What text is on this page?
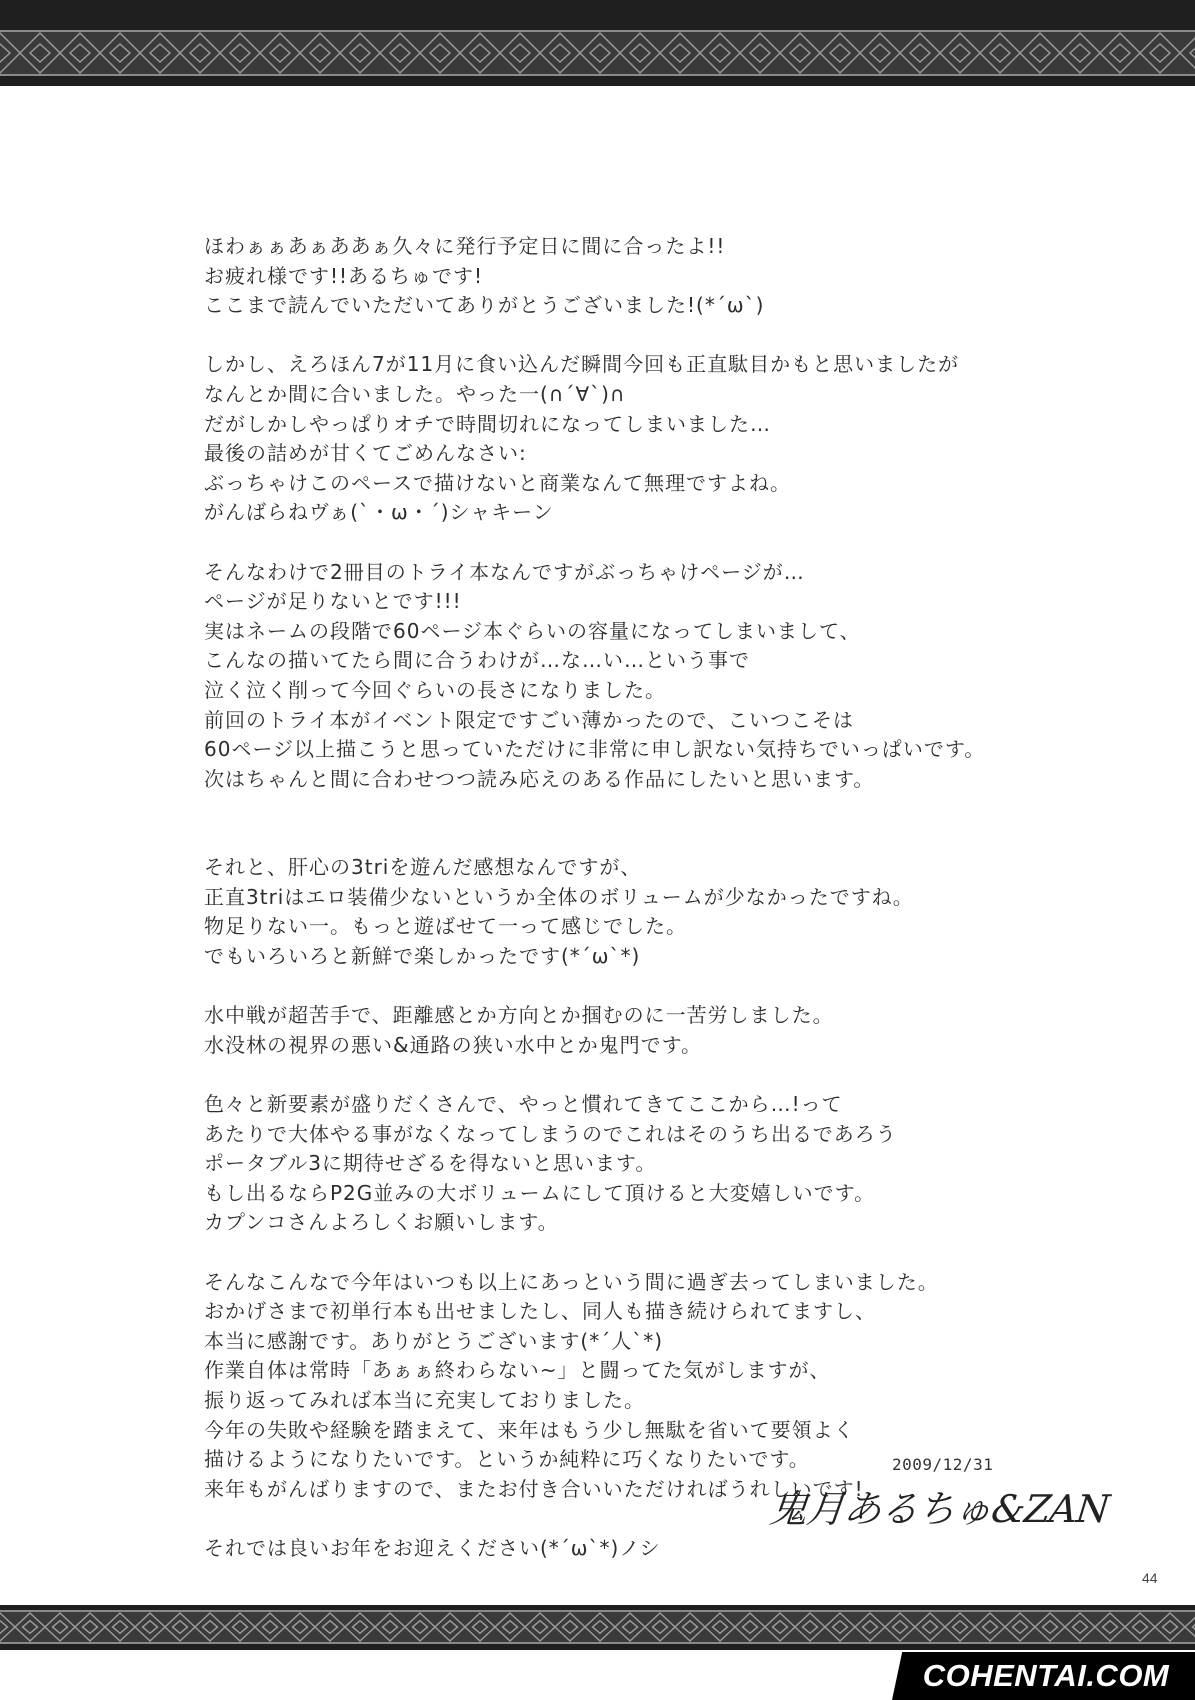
ほわぁぁあぁああぁ久々に発行予定日に間に合ったよ!!
お疲れ様です!!あるちゅです!
ここまで読んでいただいてありがとうございました!(*´ω`)
しかし、えろほん7が11月に食い込んだ瞬間今回も正直駄目かもと思いましたが
なんとか間に合いました。やった一(∩´∀`)∩
だがしかしやっぱりオチで時間切れになってしまいました…
最後の詰めが甘くてごめんなさい:
ぶっちゃけこのペースで描けないと商業なんて無理ですよね。
がんばらねヴぁ(`・ω・´)シャキーン
そんなわけで2冊目のトライ本なんですがぶっちゃけページが…
ページが足りないとです!!!
実はネームの段階で60ページ本ぐらいの容量になってしまいまして、
こんなの描いてたら間に合うわけが…な…い…という事で
泣く泣く削って今回ぐらいの長さになりました。
前回のトライ本がイベント限定ですごい薄かったので、こいつこそは
60ページ以上描こうと思っていただけに非常に申し訳ない気持ちでいっぱいです。
次はちゃんと間に合わせつつ読み応えのある作品にしたいと思います。
それと、肝心の3triを遊んだ感想なんですが、
正直3triはエロ装備少ないというか全体のボリュームが少なかったですね。
物足りない一。もっと遊ばせて一って感じでした。
でもいろいろと新鮮で楽しかったです(*´ω`*)
水中戦が超苦手で、距離感とか方向とか掴むのに一苦労しました。
水没林の視界の悪い&通路の狭い水中とか鬼門です。
色々と新要素が盛りだくさんで、やっと慣れてきてここから…!って
あたりで大体やる事がなくなってしまうのでこれはそのうち出るであろう
ポータブル3に期待せざるを得ないと思います。
もし出るならP2G並みの大ボリュームにして頂けると大変嬉しいです。
カプンコさんよろしくお願いします。
そんなこんなで今年はいつも以上にあっという間に過ぎ去ってしまいました。
おかげさまで初単行本も出せましたし、同人も描き続けられてますし、
本当に感謝です。ありがとうございます(*´人`*)
作業自体は常時「あぁぁ終わらない~」と闘ってた気がしますが、
振り返ってみれば本当に充実しておりました。
今年の失敗や経験を踏まえて、来年はもう少し無駄を省いて要領よく
描けるようになりたいです。というか純粋に巧くなりたいです。
来年もがんばりますので、またお付き合いいただければうれしいです!
それでは良いお年をお迎えください(*´ω`*)ノシ
2009/12/31
鬼月あるちゅ&ZAN
44
COHENTAI.COM
